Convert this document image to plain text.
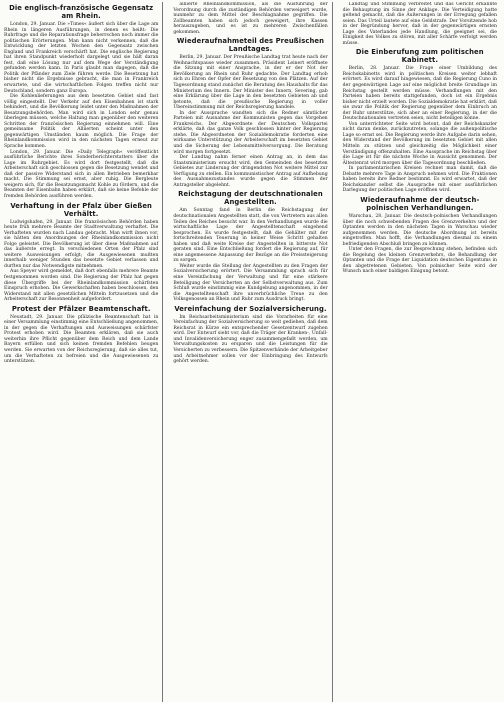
Die englisch-französische Gegensatz am Rhein.

London, 29. Januar. Die »Times« äußert sich über die Lage am Rhein in längeren Ausführungen, in denen es heißt: Die Ruhrfrage und die Reparationsfrage beherrschen noch immer die politischen Erörterungen. Man kann nicht verkennen, daß die Entwicklung der letzten Wochen den Gegensatz zwischen England und Frankreich verschärft hat. Die englische Regierung hat ihren Standpunkt wiederholt dargelegt und sie hält daran fest, daß eine Lösung nur auf dem Wege der Verständigung gefunden werden kann. In Paris glaubt man dagegen, daß die Politik der Pfänder zum Ziele führen werde. Die Besetzung hat bisher nicht die Ergebnisse gebracht, die man in Frankreich erwartete, und die wirtschaftlichen Folgen treffen nicht nur Deutschland, sondern ganz Europa.

Die Kohlenlieferungen aus dem besetzten Gebiet sind fast völlig eingestellt. Der Verkehr auf den Eisenbahnen ist stark behindert, und die Bevölkerung leidet unter den Maßnahmen der Besatzungsbehörden. Man wird sich in London sehr genau überlegen müssen, welche Haltung man gegenüber den weiteren Schritten der französischen Regierung einnehmen will. Eine gemeinsame Politik der Alliierten scheint unter den gegenwärtigen Umständen kaum möglich. Die Frage der Rheinlandkommission wird in den nächsten Tagen erneut zur Sprache kommen.

London, 29. Januar. Die »Daily Telegraph« veröffentlicht ausführliche Berichte ihres Sonderberichterstatters über die Lage im Ruhrgebiet. Es wird dort festgestellt, daß die Arbeiterschaft sich geschlossen gegen die Besetzung wendet und daß der passive Widerstand sich in allen Betrieben bemerkbar macht. Die Stimmung sei ernst, aber ruhig. Die Bergleute weigern sich, für die Besatzungsmacht Kohle zu fördern, und die Beamten der Eisenbahn haben erklärt, daß sie keine Befehle der fremden Behörden ausführen werden.

Verhaftung in der Pfalz über Gießen Verhältt.

Ludwigshafen, 29. Januar. Die französischen Behörden haben heute früh mehrere Beamte der Stadtverwaltung verhaftet. Die Verhafteten wurden nach Landau gebracht. Man wirft ihnen vor, sie hätten den Anordnungen der Rheinlandkommission nicht Folge geleistet. Die Bevölkerung ist über diese Maßnahmen auf das äußerste erregt. In verschiedenen Orten der Pfalz sind weitere Ausweisungen erfolgt; die Ausgewiesenen mußten innerhalb weniger Stunden das besetzte Gebiet verlassen und durften nur das Notwendigste mitnehmen.

Aus Speyer wird gemeldet, daß dort ebenfalls mehrere Beamte festgenommen worden sind. Die Regierung der Pfalz hat gegen diese Übergriffe bei der Rheinlandkommission schärfsten Einspruch erhoben. Die Gewerkschaften haben beschlossen, den Widerstand mit allen gesetzlichen Mitteln fortzusetzen und die Arbeiterschaft zur Besonnenheit aufgefordert.

Protest der Pfälzer Beamtenschaft.

Neustadt, 29. Januar. Die pfälzische Beamtenschaft hat in einer Versammlung einstimmig eine Entschließung angenommen, in der gegen die Verhaftungen und Ausweisungen schärfster Protest erhoben wird. Die Beamten erklären, daß sie auch weiterhin ihre Pflicht gegenüber dem Reich und dem Lande Bayern erfüllen und sich keinen fremden Befehlen beugen werden. Sie erwarten von der Reichsregierung, daß sie alles tut, um die Verhafteten zu befreien und die Ausgewiesenen zu unterstützen.

alliierte Rheinlandkommission, als die Ausführung der Verordnung durch die zuständigen Behörden verweigert wurde, nunmehr zu dem Mittel der Beschlagnahme gegriffen. Die Zollbeamten haben sich jedoch geweigert, ihre Kassen herauszugeben, und es ist zu mehreren Zwischenfällen gekommen.

Wiederaufnahmeteil des Preußischen Landtages.

Berlin, 29. Januar. Der Preußische Landtag trat heute nach der Weihnachtspause wieder zusammen. Präsident Leinert eröffnete die Sitzung mit einer Ansprache, in der er der Not der Bevölkerung an Rhein und Ruhr gedachte. Der Landtag erhob sich zu Ehren der Opfer der Besetzung von den Plätzen. Auf der Tagesordnung stand zunächst die Beratung des Haushalts für das Ministerium des Innern. Der Minister des Innern, Severing, gab eine Erklärung über die Lage in den besetzten Gebieten ab und betonte, daß die preußische Regierung in voller Übereinstimmung mit der Reichsregierung handele.

In der Aussprache wandten sich die Redner sämtlicher Parteien mit Ausnahme der Kommunisten gegen das Vorgehen Frankreichs. Der Abgeordnete der Deutschen Volkspartei erklärte, daß das ganze Volk geschlossen hinter der Regierung stehe. Die Abgeordneten der Sozialdemokratie forderten eine wirksame Unterstützung der Arbeiterschaft im besetzten Gebiet und die Sicherung der Lebensmittelversorgung. Die Beratung wird morgen fortgesetzt.

Der Landtag nahm ferner einen Antrag an, in dem das Staatsministerium ersucht wird, den Gemeinden des besetzten Gebietes zur Linderung der dringendsten Not weitere Mittel zur Verfügung zu stellen. Ein kommunistischer Antrag auf Aufhebung des Ausnahmezustandes wurde gegen die Stimmen der Antragsteller abgelehnt.

Reichstagung der deutschnationalen Angestellten.

Am Sonntag fand in Berlin die Reichstagung der deutschnationalen Angestellten statt, die von Vertretern aus allen Teilen des Reiches besucht war. In den Verhandlungen wurde die wirtschaftliche Lage der Angestelltenschaft eingehend besprochen. Es wurde festgestellt, daß die Gehälter mit der fortschreitenden Teuerung in keiner Weise Schritt gehalten haben und daß weite Kreise der Angestellten in bitterste Not geraten sind. Eine Entschließung fordert die Regierung auf, für eine angemessene Anpassung der Bezüge an die Preissteigerung zu sorgen.

Weiter wurde die Stellung der Angestellten zu den Fragen der Sozialversicherung erörtert. Die Versammlung sprach sich für eine Vereinfachung der Verwaltung und für eine stärkere Beteiligung der Versicherten an der Selbstverwaltung aus. Zum Schluß wurde einstimmig eine Kundgebung angenommen, in der die Angestelltenschaft ihre unverbrüchliche Treue zu den Volksgenossen an Rhein und Ruhr zum Ausdruck bringt.

Vereinfachung der Sozialversicherung.

Im Reichsarbeitsministerium sind die Vorarbeiten für eine Vereinfachung der Sozialversicherung so weit gediehen, daß dem Reichsrat in Kürze ein entsprechender Gesetzentwurf zugehen wird. Der Entwurf sieht vor, daß die Träger der Kranken-, Unfall- und Invalidenversicherung enger zusammengefaßt werden, um Verwaltungskosten zu ersparen und die Leistungen für die Versicherten zu verbessern. Die Spitzenverbände der Arbeitgeber und Arbeitnehmer sollen vor der Einbringung des Entwurfs gehört werden.

Landtag und Stimmung verbreitet und das Gericht erkannte die Behauptung im Sinne der Anklage. Die Verteidigung hatte geltend gemacht, daß die Äußerungen in der Erregung gefallen seien. Das Urteil lautete auf eine Geldstrafe. Der Vorsitzende hob in der Begründung hervor, daß in der gegenwärtigen ernsten Lage des Vaterlandes jede Handlung, die geeignet sei, die Einigkeit des Volkes zu stören, mit aller Schärfe verfolgt werden müsse.

Die Einberufung zum politischen Kabinett.

Berlin, 28. Januar. Die Frage einer Umbildung des Reichskabinetts wird in politischen Kreisen weiter lebhaft erörtert. Es wird darauf hingewiesen, daß die Regierung Cuno in der gegenwärtigen Lage auf eine möglichst breite Grundlage im Reichstag gestellt werden müsse. Verhandlungen mit den Parteien haben bereits stattgefunden, doch ist ein Ergebnis bisher nicht erzielt worden. Die Sozialdemokratie hat erklärt, daß sie zwar die Politik der Regierung gegenüber dem Einbruch an der Ruhr unterstütze, sich aber an einer Regierung, in der die Deutschnationalen vertreten seien, nicht beteiligen könne.

Von unterrichteter Seite wird betont, daß der Reichskanzler nicht daran denke, zurückzutreten, solange die außenpolitische Lage so ernst sei. Die Regierung werde ihre Aufgabe darin sehen, den Widerstand der Bevölkerung im besetzten Gebiet mit allen Mitteln zu stützen und gleichzeitig die Möglichkeit einer Verständigung offenzuhalten. Eine Aussprache im Reichstag über die Lage ist für die nächste Woche in Aussicht genommen. Der Ältestenrat wird morgen über die Tagesordnung beschließen.

In parlamentarischen Kreisen rechnet man damit, daß die Debatte mehrere Tage in Anspruch nehmen wird. Die Fraktionen haben bereits ihre Redner bestimmt. Es wird erwartet, daß der Reichskanzler selbst die Aussprache mit einer ausführlichen Darlegung der politischen Lage eröffnen wird.

Wiederaufnahme der deutsch-polnischen Verhandlungen.

Warschau, 28. Januar. Die deutsch-polnischen Verhandlungen über die noch schwebenden Fragen des Grenzverkehrs und der Optanten werden in den nächsten Tagen in Warschau wieder aufgenommen werden. Die deutsche Abordnung ist bereits eingetroffen. Man hofft, die Verhandlungen diesmal zu einem befriedigenden Abschluß bringen zu können.

Unter den Fragen, die zur Besprechung stehen, befinden sich die Regelung des kleinen Grenzverkehrs, die Behandlung der Optanten und die Frage der Liquidation deutschen Eigentums in den abgetretenen Gebieten. Von polnischer Seite wird der Wunsch nach einer baldigen Einigung betont.
